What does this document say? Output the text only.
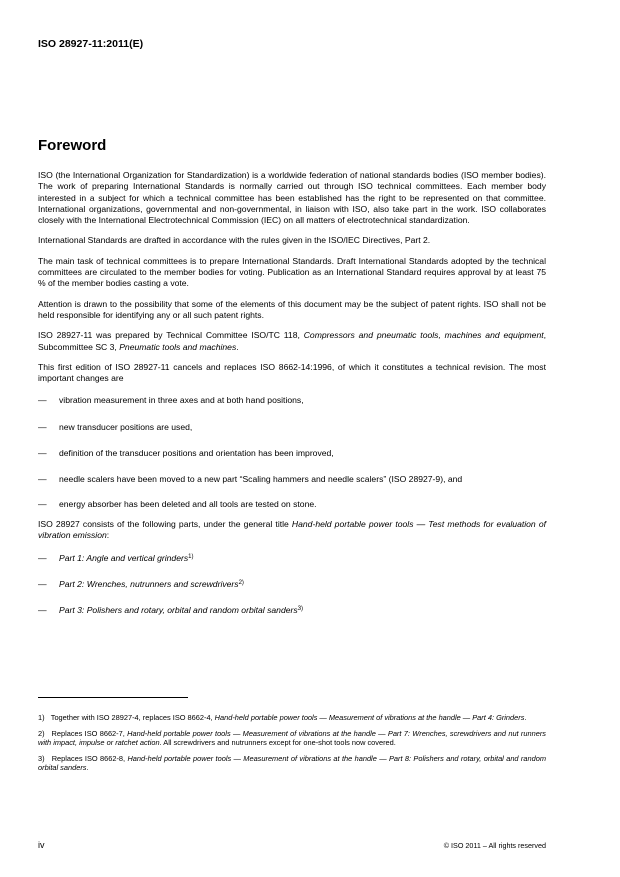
ISO 28927-11:2011(E)
Foreword

ISO (the International Organization for Standardization) is a worldwide federation of national standards bodies (ISO member bodies). The work of preparing International Standards is normally carried out through ISO technical committees. Each member body interested in a subject for which a technical committee has been established has the right to be represented on that committee. International organizations, governmental and non-governmental, in liaison with ISO, also take part in the work. ISO collaborates closely with the International Electrotechnical Commission (IEC) on all matters of electrotechnical standardization.

International Standards are drafted in accordance with the rules given in the ISO/IEC Directives, Part 2.

The main task of technical committees is to prepare International Standards. Draft International Standards adopted by the technical committees are circulated to the member bodies for voting. Publication as an International Standard requires approval by at least 75 % of the member bodies casting a vote.

Attention is drawn to the possibility that some of the elements of this document may be the subject of patent rights. ISO shall not be held responsible for identifying any or all such patent rights.

ISO 28927-11 was prepared by Technical Committee ISO/TC 118, Compressors and pneumatic tools, machines and equipment, Subcommittee SC 3, Pneumatic tools and machines.

This first edition of ISO 28927-11 cancels and replaces ISO 8662-14:1996, of which it constitutes a technical revision. The most important changes are

—	vibration measurement in three axes and at both hand positions,
—	new transducer positions are used,
—	definition of the transducer positions and orientation has been improved,
—	needle scalers have been moved to a new part “Scaling hammers and needle scalers” (ISO 28927-9), and
—	energy absorber has been deleted and all tools are tested on stone.

ISO 28927 consists of the following parts, under the general title Hand-held portable power tools — Test methods for evaluation of vibration emission:

—	Part 1: Angle and vertical grinders$^{1)}$
—	Part 2: Wrenches, nutrunners and screwdrivers$^{2)}$
—	Part 3: Polishers and rotary, orbital and random orbital sanders$^{3)}$

1) Together with ISO 28927-4, replaces ISO 8662-4, Hand-held portable power tools — Measurement of vibrations at the handle — Part 4: Grinders.

2) Replaces ISO 8662-7, Hand-held portable power tools — Measurement of vibrations at the handle — Part 7: Wrenches, screwdrivers and nut runners with impact, impulse or ratchet action. All screwdrivers and nutrunners except for one-shot tools now covered.

3) Replaces ISO 8662-8, Hand-held portable power tools — Measurement of vibrations at the handle — Part 8: Polishers and rotary, orbital and random orbital sanders.

iv	© ISO 2011 – All rights reserved
